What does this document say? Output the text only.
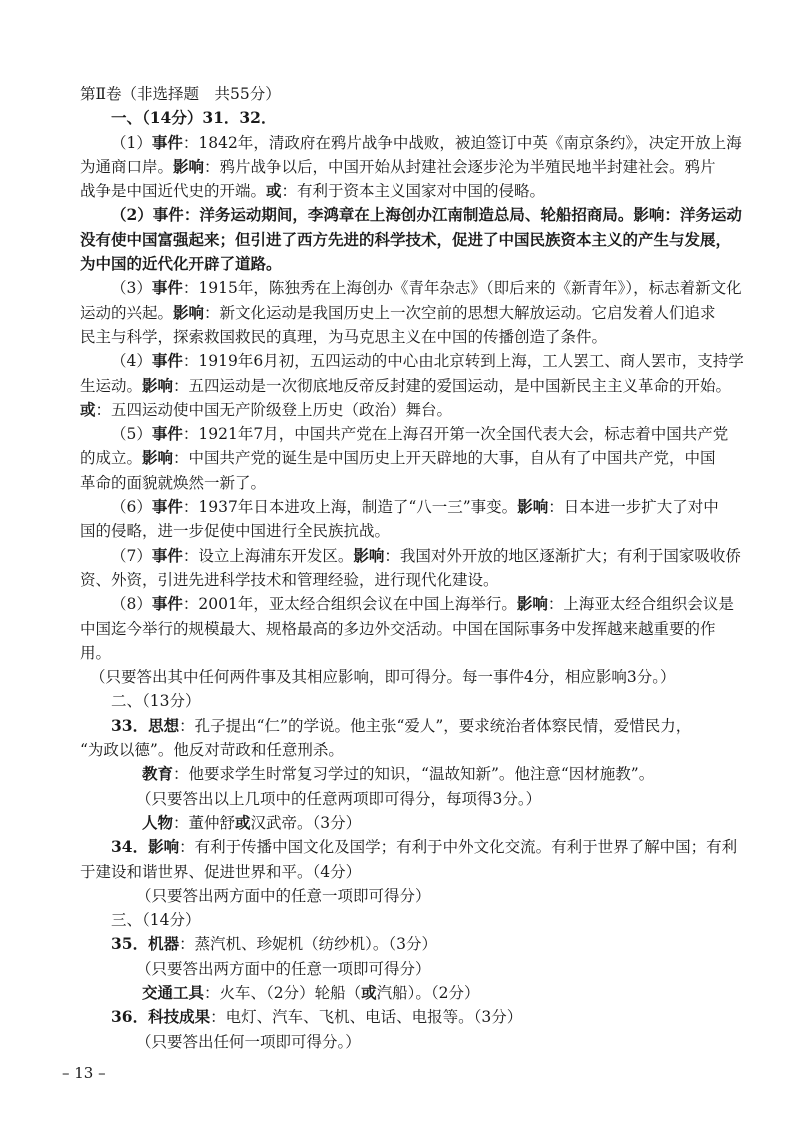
第Ⅱ卷（非选择题　共55分）
一、（14分）31．32．
（1）事件：1842年，清政府在鸦片战争中战败，被迫签订中英《南京条约》，决定开放上海
为通商口岸。影响：鸦片战争以后，中国开始从封建社会逐步沦为半殖民地半封建社会。鸦片
战争是中国近代史的开端。或：有利于资本主义国家对中国的侵略。
（2）事件：洋务运动期间，李鸿章在上海创办江南制造总局、轮船招商局。影响：洋务运动
没有使中国富强起来；但引进了西方先进的科学技术，促进了中国民族资本主义的产生与发展，
为中国的近代化开辟了道路。
（3）事件：1915年，陈独秀在上海创办《青年杂志》（即后来的《新青年》），标志着新文化
运动的兴起。影响：新文化运动是我国历史上一次空前的思想大解放运动。它启发着人们追求
民主与科学，探索救国救民的真理，为马克思主义在中国的传播创造了条件。
（4）事件：1919年6月初，五四运动的中心由北京转到上海，工人罢工、商人罢市，支持学
生运动。影响：五四运动是一次彻底地反帝反封建的爱国运动，是中国新民主主义革命的开始。
或：五四运动使中国无产阶级登上历史（政治）舞台。
（5）事件：1921年7月，中国共产党在上海召开第一次全国代表大会，标志着中国共产党
的成立。影响：中国共产党的诞生是中国历史上开天辟地的大事，自从有了中国共产党，中国
革命的面貌就焕然一新了。
（6）事件：1937年日本进攻上海，制造了“八一三”事变。影响：日本进一步扩大了对中
国的侵略，进一步促使中国进行全民族抗战。
（7）事件：设立上海浦东开发区。影响：我国对外开放的地区逐渐扩大；有利于国家吸收侨
资、外资，引进先进科学技术和管理经验，进行现代化建设。
（8）事件：2001年，亚太经合组织会议在中国上海举行。影响：上海亚太经合组织会议是
中国迄今举行的规模最大、规格最高的多边外交活动。中国在国际事务中发挥越来越重要的作
用。
（只要答出其中任何两件事及其相应影响，即可得分。每一事件4分，相应影响3分。）
二、（13分）
33．思想：孔子提出“仁”的学说。他主张“爱人”，要求统治者体察民情，爱惜民力，
“为政以德”。他反对苛政和任意刑杀。
教育：他要求学生时常复习学过的知识，“温故知新”。他注意“因材施教”。
（只要答出以上几项中的任意两项即可得分，每项得3分。）
人物：董仲舒或汉武帝。（3分）
34．影响：有利于传播中国文化及国学；有利于中外文化交流。有利于世界了解中国；有利
于建设和谐世界、促进世界和平。（4分）
（只要答出两方面中的任意一项即可得分）
三、（14分）
35．机器：蒸汽机、珍妮机（纺纱机）。（3分）
（只要答出两方面中的任意一项即可得分）
交通工具：火车、（2分）轮船（或汽船）。（2分）
36．科技成果：电灯、汽车、飞机、电话、电报等。（3分）
（只要答出任何一项即可得分。）
– 13 –
